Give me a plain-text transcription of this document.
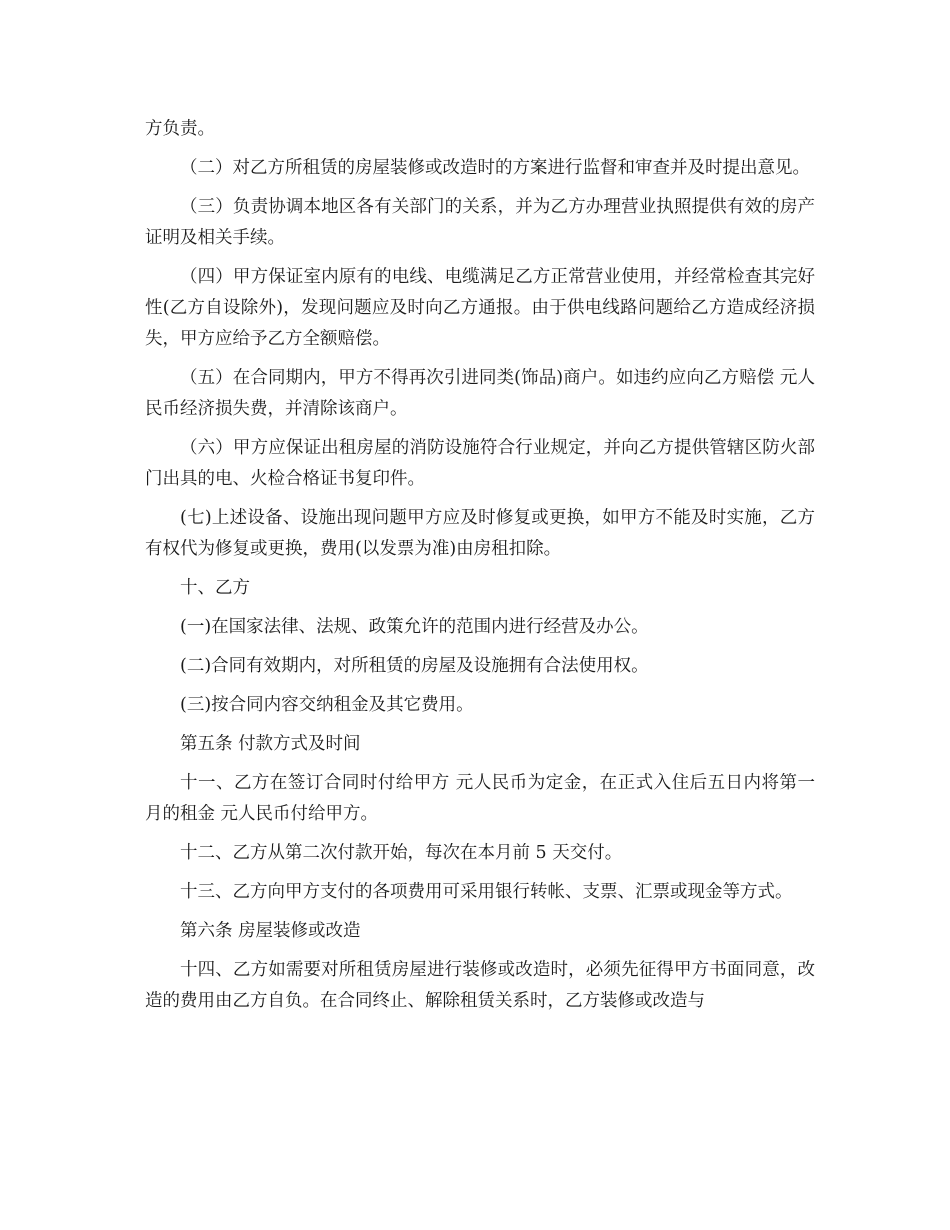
方负责。

（二）对乙方所租赁的房屋装修或改造时的方案进行监督和审查并及时提出意见。

（三）负责协调本地区各有关部门的关系，并为乙方办理营业执照提供有效的房产证明及相关手续。

（四）甲方保证室内原有的电线、电缆满足乙方正常营业使用，并经常检查其完好性(乙方自设除外)，发现问题应及时向乙方通报。由于供电线路问题给乙方造成经济损失，甲方应给予乙方全额赔偿。

（五）在合同期内，甲方不得再次引进同类(饰品)商户。如违约应向乙方赔偿 元人民币经济损失费，并清除该商户。

（六）甲方应保证出租房屋的消防设施符合行业规定，并向乙方提供管辖区防火部门出具的电、火检合格证书复印件。

(七)上述设备、设施出现问题甲方应及时修复或更换，如甲方不能及时实施，乙方有权代为修复或更换，费用(以发票为准)由房租扣除。

十、乙方

(一)在国家法律、法规、政策允许的范围内进行经营及办公。

(二)合同有效期内，对所租赁的房屋及设施拥有合法使用权。

(三)按合同内容交纳租金及其它费用。

第五条 付款方式及时间

十一、乙方在签订合同时付给甲方 元人民币为定金，在正式入住后五日内将第一月的租金 元人民币付给甲方。

十二、乙方从第二次付款开始，每次在本月前 5 天交付。

十三、乙方向甲方支付的各项费用可采用银行转帐、支票、汇票或现金等方式。

第六条 房屋装修或改造

十四、乙方如需要对所租赁房屋进行装修或改造时，必须先征得甲方书面同意，改造的费用由乙方自负。在合同终止、解除租赁关系时，乙方装修或改造与
